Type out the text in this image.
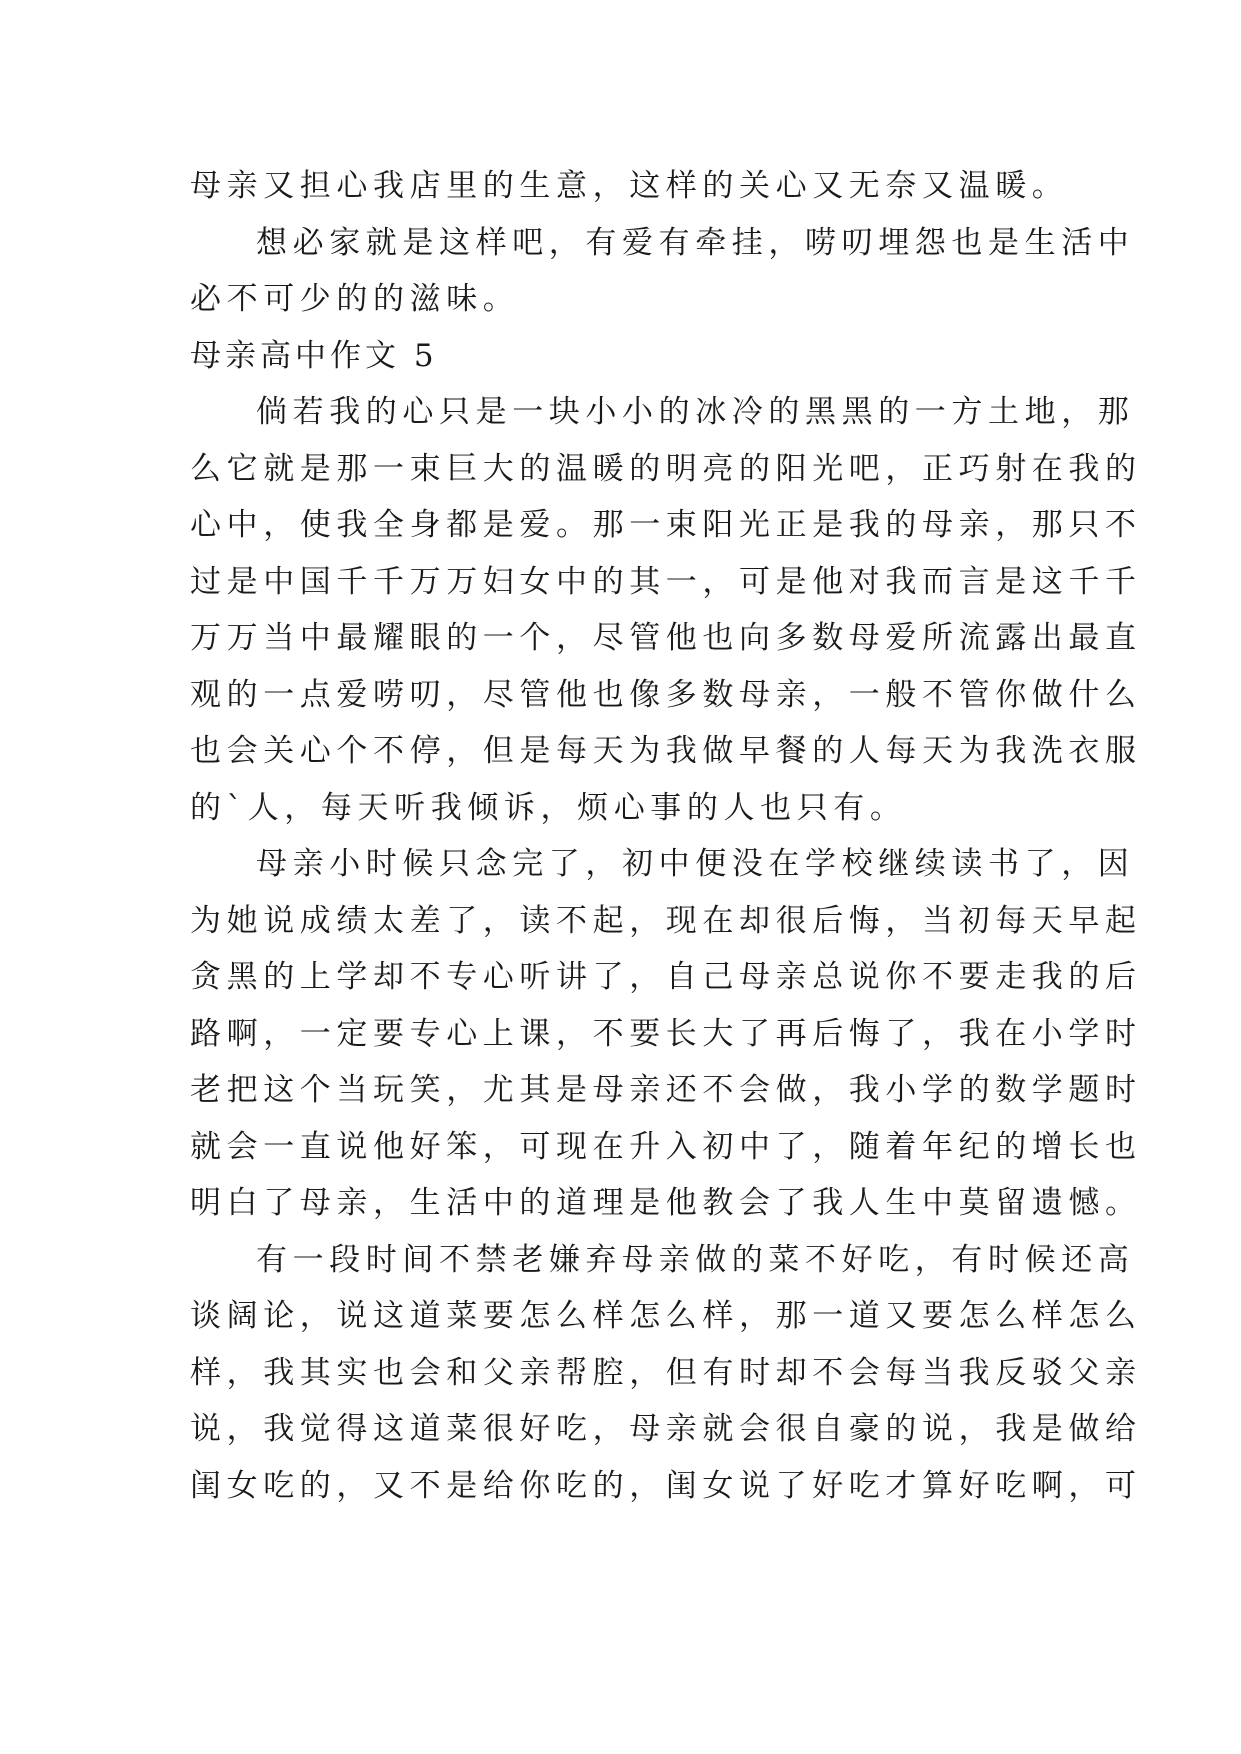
母亲又担心我店里的生意，这样的关心又无奈又温暖。
想必家就是这样吧，有爱有牵挂，唠叨埋怨也是生活中
必不可少的的滋味。
母亲高中作文 5
倘若我的心只是一块小小的冰冷的黑黑的一方土地，那
么它就是那一束巨大的温暖的明亮的阳光吧，正巧射在我的
心中，使我全身都是爱。那一束阳光正是我的母亲，那只不
过是中国千千万万妇女中的其一，可是他对我而言是这千千
万万当中最耀眼的一个，尽管他也向多数母爱所流露出最直
观的一点爱唠叨，尽管他也像多数母亲，一般不管你做什么
也会关心个不停，但是每天为我做早餐的人每天为我洗衣服
的`人，每天听我倾诉，烦心事的人也只有。
母亲小时候只念完了，初中便没在学校继续读书了，因
为她说成绩太差了，读不起，现在却很后悔，当初每天早起
贪黑的上学却不专心听讲了，自己母亲总说你不要走我的后
路啊，一定要专心上课，不要长大了再后悔了，我在小学时
老把这个当玩笑，尤其是母亲还不会做，我小学的数学题时
就会一直说他好笨，可现在升入初中了，随着年纪的增长也
明白了母亲，生活中的道理是他教会了我人生中莫留遗憾。
有一段时间不禁老嫌弃母亲做的菜不好吃，有时候还高
谈阔论，说这道菜要怎么样怎么样，那一道又要怎么样怎么
样，我其实也会和父亲帮腔，但有时却不会每当我反驳父亲
说，我觉得这道菜很好吃，母亲就会很自豪的说，我是做给
闺女吃的，又不是给你吃的，闺女说了好吃才算好吃啊，可
